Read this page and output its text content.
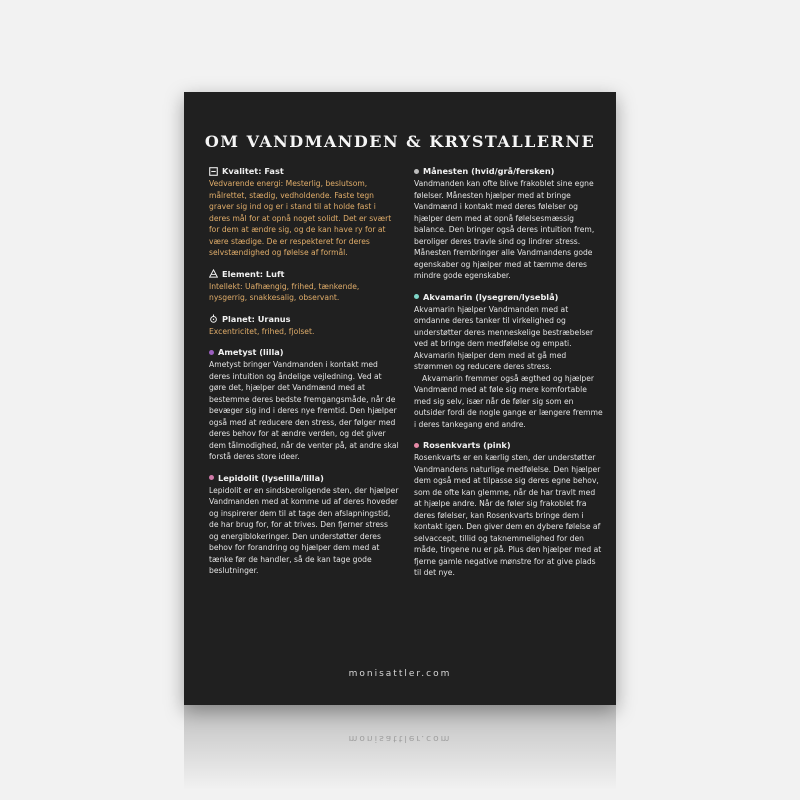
OM VANDMANDEN & KRYSTALLERNE
Kvalitet: Fast
Vedvarende energi: Mesterlig, beslutsom, målrettet, stædig, vedholdende. Faste tegn graver sig ind og er i stand til at holde fast i deres mål for at opnå noget solidt. Det er svært for dem at ændre sig, og de kan have ry for at være stædige. De er respekteret for deres selvstændighed og følelse af formål.
Element: Luft
Intellekt: Uafhængig, frihed, tænkende, nysgerrig, snakkesalig, observant.
Planet: Uranus
Excentricitet, frihed, fjolset.
Ametyst (lilla)
Ametyst bringer Vandmanden i kontakt med deres intuition og åndelige vejledning. Ved at gøre det, hjælper det Vandmænd med at bestemme deres bedste fremgangsmåde, når de bevæger sig ind i deres nye fremtid. Den hjælper også med at reducere den stress, der følger med deres behov for at ændre verden, og det giver dem tålmodighed, når de venter på, at andre skal forstå deres store ideer.
Lepidolit (lyselilla/lilla)
Lepidolit er en sindsberoligende sten, der hjælper Vandmanden med at komme ud af deres hoveder og inspirerer dem til at tage den afslapningstid, de har brug for, for at trives. Den fjerner stress og energiblokeringer. Den understøtter deres behov for forandring og hjælper dem med at tænke før de handler, så de kan tage gode beslutninger.
Månesten (hvid/grå/fersken)
Vandmanden kan ofte blive frakoblet sine egne følelser. Månesten hjælper med at bringe Vandmænd i kontakt med deres følelser og hjælper dem med at opnå følelsesmæssig balance. Den bringer også deres intuition frem, beroliger deres travle sind og lindrer stress. Månesten frembringer alle Vandmandens gode egenskaber og hjælper med at tæmme deres mindre gode egenskaber.
Akvamarin (lysegrøn/lyseblå)
Akvamarin hjælper Vandmanden med at omdanne deres tanker til virkelighed og understøtter deres menneskelige bestræbelser ved at bringe dem medfølelse og empati. Akvamarin hjælper dem med at gå med strømmen og reducere deres stress.
Akvamarin fremmer også ægthed og hjælper Vandmænd med at føle sig mere komfortable med sig selv, især når de føler sig som en outsider fordi de nogle gange er længere fremme i deres tankegang end andre.
Rosenkvarts (pink)
Rosenkvarts er en kærlig sten, der understøtter Vandmandens naturlige medfølelse. Den hjælper dem også med at tilpasse sig deres egne behov, som de ofte kan glemme, når de har travlt med at hjælpe andre. Når de føler sig frakoblet fra deres følelser, kan Rosenkvarts bringe dem i kontakt igen. Den giver dem en dybere følelse af selvaccept, tillid og taknemmelighed for den måde, tingene nu er på. Plus den hjælper med at fjerne gamle negative mønstre for at give plads til det nye.
monisattler.com
monisattler.com
